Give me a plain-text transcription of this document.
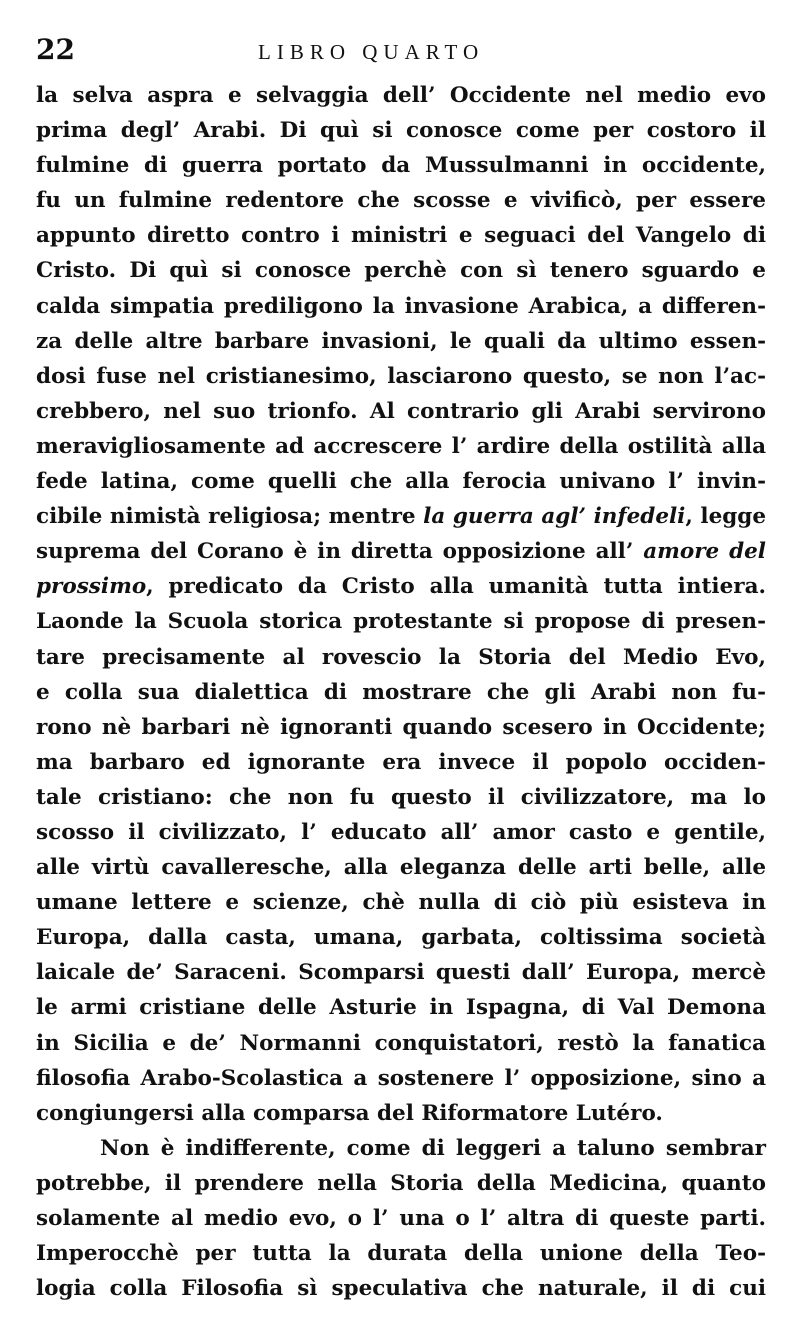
22	LIBRO QUARTO
la selva aspra e selvaggia dell’ Occidente nel medio evo
prima degl’ Arabi. Di quì si conosce come per costoro il
fulmine di guerra portato da Mussulmanni in occidente,
fu un fulmine redentore che scosse e vivificò, per essere
appunto diretto contro i ministri e seguaci del Vangelo di
Cristo. Di quì si conosce perchè con sì tenero sguardo e
calda simpatia prediligono la invasione Arabica, a differen-
za delle altre barbare invasioni, le quali da ultimo essen-
dosi fuse nel cristianesimo, lasciarono questo, se non l’ac-
crebbero, nel suo trionfo. Al contrario gli Arabi servirono
meravigliosamente ad accrescere l’ ardire della ostilità alla
fede latina, come quelli che alla ferocia univano l’ invin-
cibile nimistà religiosa; mentre la guerra agl’ infedeli, legge
suprema del Corano è in diretta opposizione all’ amore del
prossimo, predicato da Cristo alla umanità tutta intiera.
Laonde la Scuola storica protestante si propose di presen-
tare precisamente al rovescio la Storia del Medio Evo,
e colla sua dialettica di mostrare che gli Arabi non fu-
rono nè barbari nè ignoranti quando scesero in Occidente;
ma barbaro ed ignorante era invece il popolo occiden-
tale cristiano: che non fu questo il civilizzatore, ma lo
scosso il civilizzato, l’ educato all’ amor casto e gentile,
alle virtù cavalleresche, alla eleganza delle arti belle, alle
umane lettere e scienze, chè nulla di ciò più esisteva in
Europa, dalla casta, umana, garbata, coltissima società
laicale de’ Saraceni. Scomparsi questi dall’ Europa, mercè
le armi cristiane delle Asturie in Ispagna, di Val Demona
in Sicilia e de’ Normanni conquistatori, restò la fanatica
filosofia Arabo-Scolastica a sostenere l’ opposizione, sino a
congiungersi alla comparsa del Riformatore Lutéro.
Non è indifferente, come di leggeri a taluno sembrar
potrebbe, il prendere nella Storia della Medicina, quanto
solamente al medio evo, o l’ una o l’ altra di queste parti.
Imperocchè per tutta la durata della unione della Teo-
logia colla Filosofia sì speculativa che naturale, il di cui
